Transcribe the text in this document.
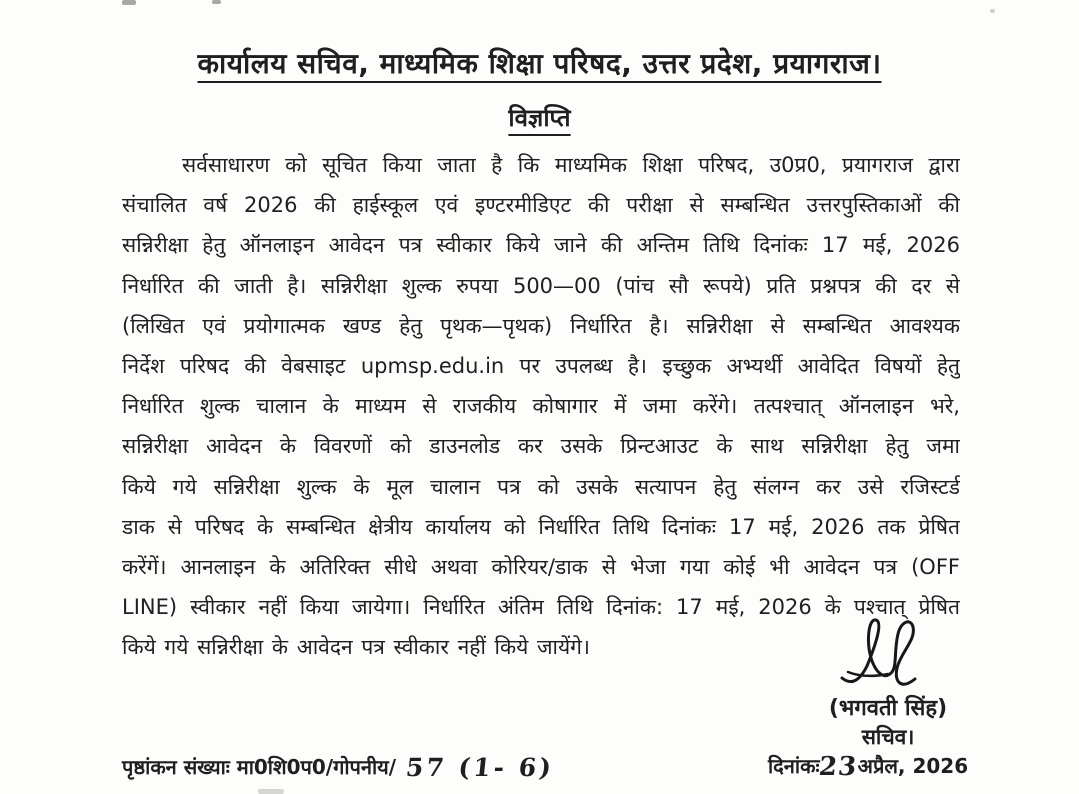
कार्यालय सचिव, माध्यमिक शिक्षा परिषद, उत्तर प्रदेश, प्रयागराज।
विज्ञप्ति
सर्वसाधारण को सूचित किया जाता है कि माध्यमिक शिक्षा परिषद, उ0प्र0, प्रयागराज द्वारा
संचालित वर्ष 2026 की हाईस्कूल एवं इण्टरमीडिएट की परीक्षा से सम्बन्धित उत्तरपुस्तिकाओं की
सन्निरीक्षा हेतु ऑनलाइन आवेदन पत्र स्वीकार किये जाने की अन्तिम तिथि दिनांकः 17 मई, 2026
निर्धारित की जाती है। सन्निरीक्षा शुल्क रुपया 500—00 (पांच सौ रूपये) प्रति प्रश्नपत्र की दर से
(लिखित एवं प्रयोगात्मक खण्ड हेतु पृथक—पृथक) निर्धारित है। सन्निरीक्षा से सम्बन्धित आवश्यक
निर्देश परिषद की वेबसाइट upmsp.edu.in पर उपलब्ध है। इच्छुक अभ्यर्थी आवेदित विषयों हेतु
निर्धारित शुल्क चालान के माध्यम से राजकीय कोषागार में जमा करेंगे। तत्पश्चात् ऑनलाइन भरे,
सन्निरीक्षा आवेदन के विवरणों को डाउनलोड कर उसके प्रिन्टआउट के साथ सन्निरीक्षा हेतु जमा
किये गये सन्निरीक्षा शुल्क के मूल चालान पत्र को उसके सत्यापन हेतु संलग्न कर उसे रजिस्टर्ड
डाक से परिषद के सम्बन्धित क्षेत्रीय कार्यालय को निर्धारित तिथि दिनांकः 17 मई, 2026 तक प्रेषित
करेंगें। आनलाइन के अतिरिक्त सीधे अथवा कोरियर/डाक से भेजा गया कोई भी आवेदन पत्र (OFF
LINE) स्वीकार नहीं किया जायेगा। निर्धारित अंतिम तिथि दिनांक: 17 मई, 2026 के पश्चात् प्रेषित
किये गये सन्निरीक्षा के आवेदन पत्र स्वीकार नहीं किये जायेंगे।
(भगवती सिंह)
सचिव।
दिनांकः23अप्रैल, 2026
पृष्ठांकन संख्याः मा0शि0प0/गोपनीय/ 57 (1- 6)
